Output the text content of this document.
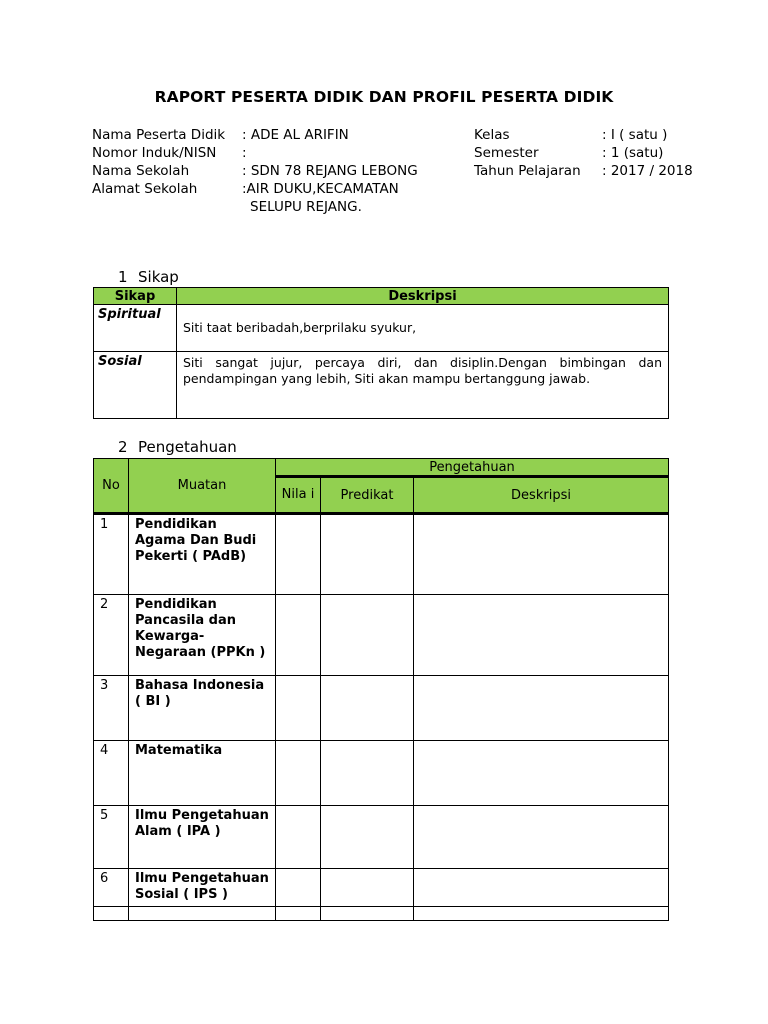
RAPORT PESERTA DIDIK DAN PROFIL PESERTA DIDIK
Nama Peserta Didik : ADE AL ARIFIN
Nomor Induk/NISN :
Nama Sekolah	: SDN 78 REJANG LEBONG
Alamat Sekolah	:AIR DUKU,KECAMATAN
SELUPU REJANG.
Kelas	: I ( satu )
Semester	: 1 (satu)
Tahun Pelajaran : 2017 / 2018
1 Sikap
Sikap	Deskripsi
Spiritual	Siti taat beribadah,berprilaku syukur,
Sosial	Siti sangat jujur, percaya diri, dan disiplin.Dengan bimbingan dan pendampingan yang lebih, Siti akan mampu bertanggung jawab.
2 Pengetahuan
No	Muatan	Pengetahuan		
		Nila i	Predikat	Deskripsi
1	Pendidikan Agama Dan Budi Pekerti ( PAdB)			
2	Pendidikan Pancasila dan Kewarga- Negaraan (PPKn )			
3	Bahasa Indonesia ( BI )			
4	Matematika			
5	Ilmu Pengetahuan Alam ( IPA )			
6	Ilmu Pengetahuan Sosial ( IPS )			
